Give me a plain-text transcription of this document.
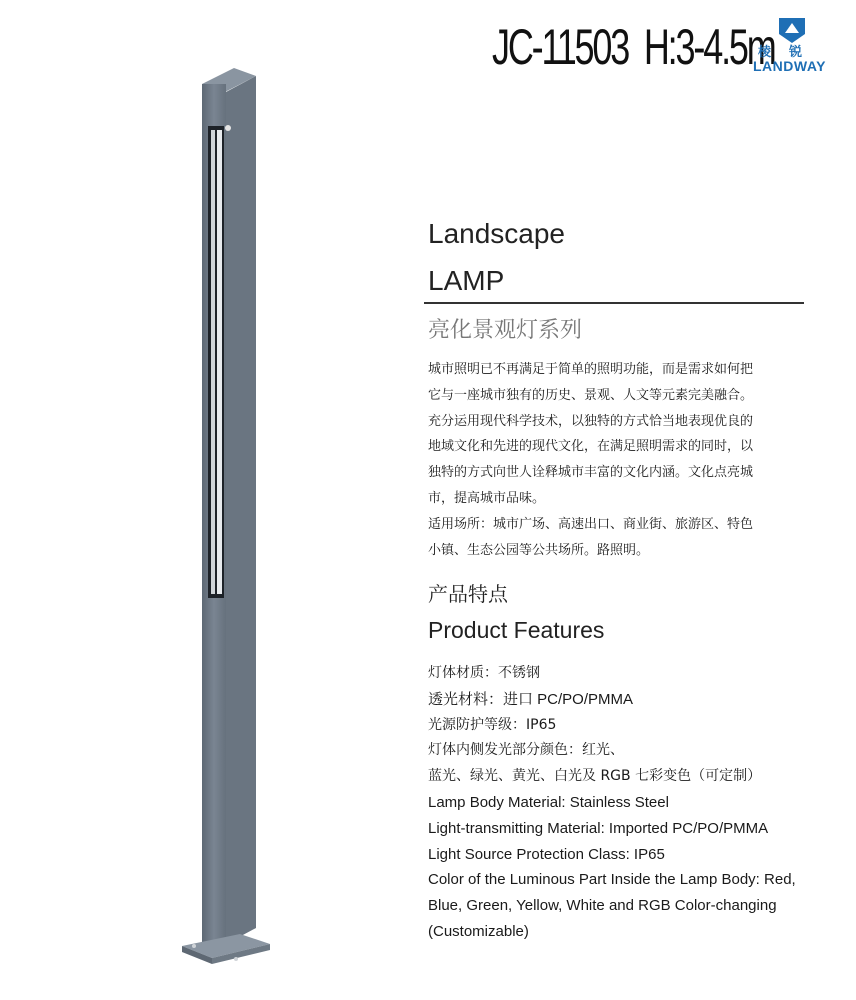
JC-11503 H:3-4.5m
棱锐
LANDWAY
Landscape
LAMP
亮化景观灯系列
城市照明已不再满足于简单的照明功能，而是需求如何把
它与一座城市独有的历史、景观、人文等元素完美融合。
充分运用现代科学技术，以独特的方式恰当地表现优良的
地域文化和先进的现代文化，在满足照明需求的同时，以
独特的方式向世人诠释城市丰富的文化内涵。文化点亮城
市，提高城市品味。
适用场所：城市广场、高速出口、商业街、旅游区、特色
小镇、生态公园等公共场所。路照明。
产品特点
Product Features
灯体材质：不锈钢
透光材料：进口 PC/PO/PMMA
光源防护等级：IP65
灯体内侧发光部分颜色：红光、
蓝光、绿光、黄光、白光及 RGB 七彩变色（可定制）
Lamp Body Material: Stainless Steel
Light-transmitting Material: Imported PC/PO/PMMA
Light Source Protection Class: IP65
Color of the Luminous Part Inside the Lamp Body: Red,
Blue, Green, Yellow, White and RGB Color-changing
(Customizable)
